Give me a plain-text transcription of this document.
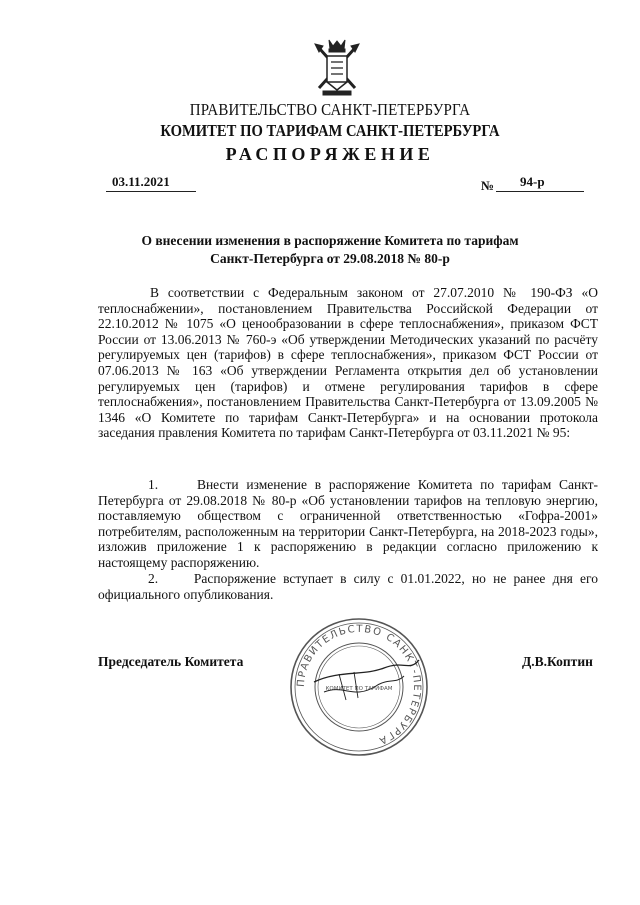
ПРАВИТЕЛЬСТВО САНКТ-ПЕТЕРБУРГА
КОМИТЕТ ПО ТАРИФАМ САНКТ-ПЕТЕРБУРГА
РАСПОРЯЖЕНИЕ
03.11.2021	№ 94-р
О внесении изменения в распоряжение Комитета по тарифам
Санкт-Петербурга от 29.08.2018 № 80-р
В соответствии с Федеральным законом от 27.07.2010 № 190-ФЗ «О теплоснабжении», постановлением Правительства Российской Федерации от 22.10.2012 № 1075 «О ценообразовании в сфере теплоснабжения», приказом ФСТ России от 13.06.2013 № 760-э «Об утверждении Методических указаний по расчёту регулируемых цен (тарифов) в сфере теплоснабжения», приказом ФСТ России от 07.06.2013 № 163 «Об утверждении Регламента открытия дел об установлении регулируемых цен (тарифов) и отмене регулирования тарифов в сфере теплоснабжения», постановлением Правительства Санкт-Петербурга от 13.09.2005 № 1346 «О Комитете по тарифам Санкт-Петербурга» и на основании протокола заседания правления Комитета по тарифам Санкт-Петербурга от 03.11.2021 № 95:
1.     Внести изменение в распоряжение Комитета по тарифам Санкт-Петербурга от 29.08.2018 № 80-р «Об установлении тарифов на тепловую энергию, поставляемую обществом с ограниченной ответственностью «Гофра-2001» потребителям, расположенным на территории Санкт-Петербурга, на 2018-2023 годы», изложив приложение 1 к распоряжению в редакции согласно приложению к настоящему распоряжению.
2.     Распоряжение вступает в силу с 01.01.2022, но не ранее дня его официального опубликования.
Председатель Комитета	Д.В.Коптин
ПРАВИТЕЛЬСТВО САНКТ-ПЕТЕРБУРГА
КОМИТЕТ ПО ТАРИФАМ
